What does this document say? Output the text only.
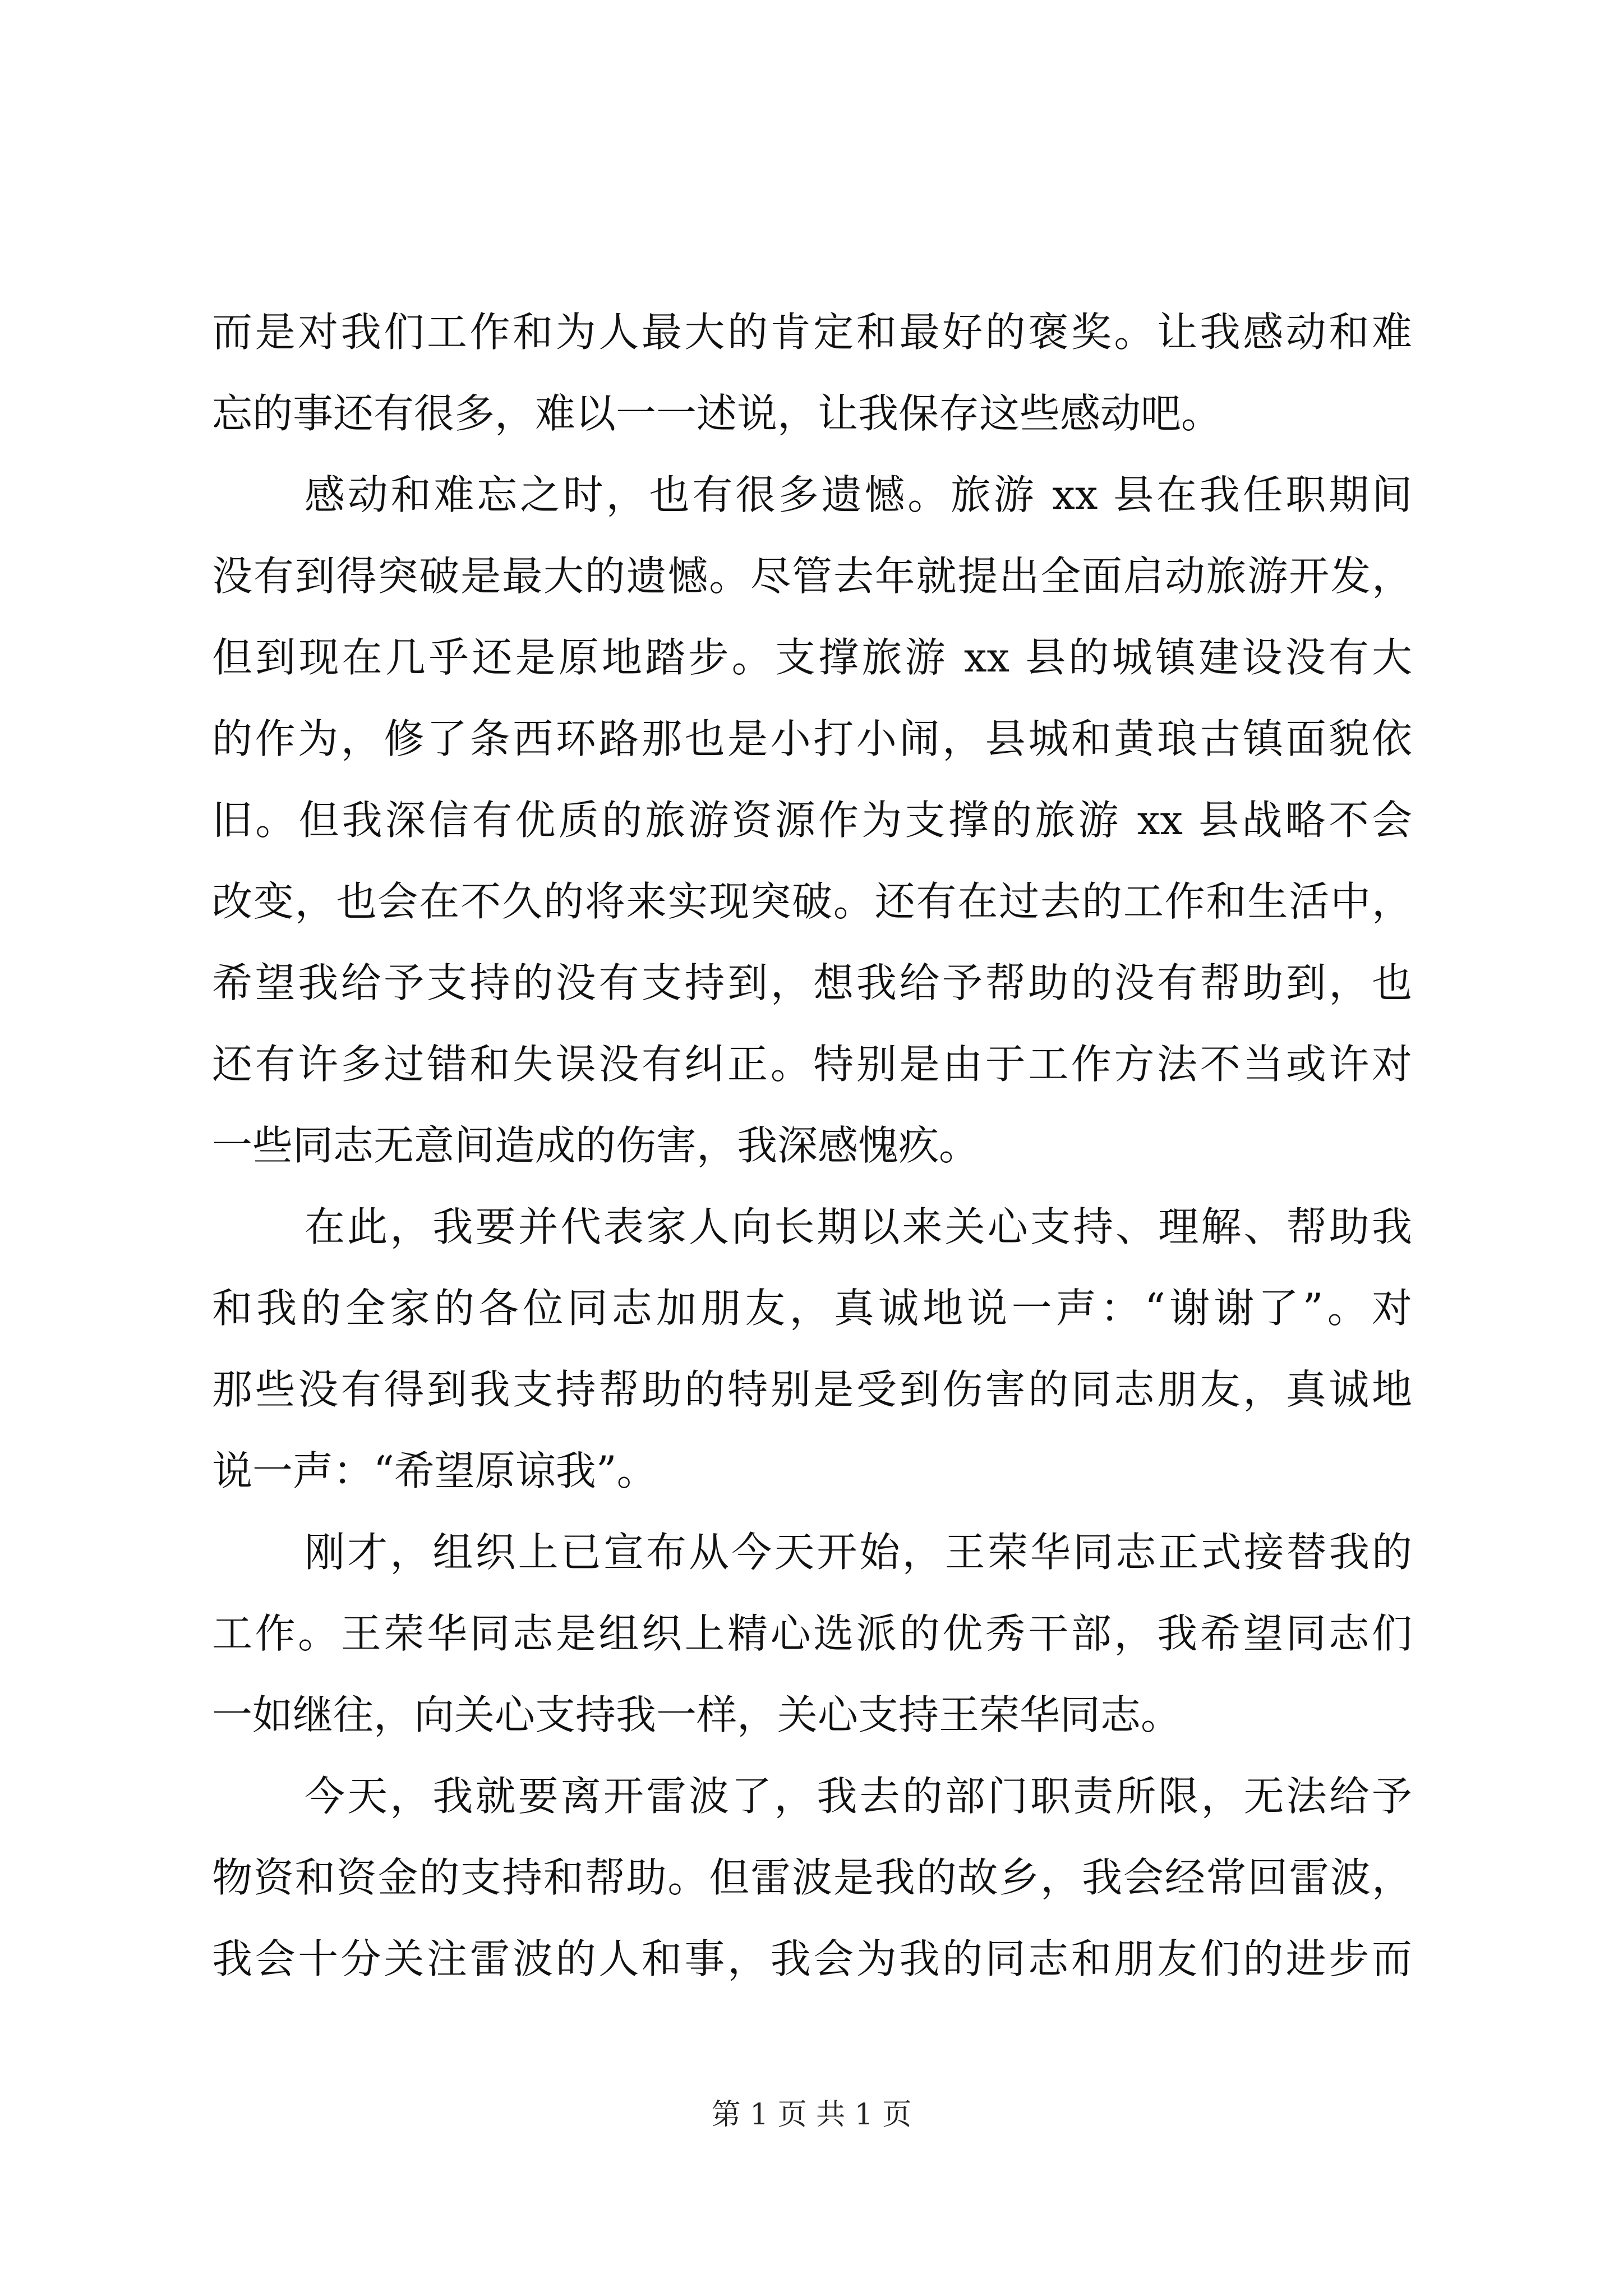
而是对我们工作和为人最大的肯定和最好的褒奖。让我感动和难
忘的事还有很多，难以一一述说，让我保存这些感动吧。
感动和难忘之时，也有很多遗憾。旅游 xx 县在我任职期间
没有到得突破是最大的遗憾。尽管去年就提出全面启动旅游开发，
但到现在几乎还是原地踏步。支撑旅游 xx 县的城镇建设没有大
的作为，修了条西环路那也是小打小闹，县城和黄琅古镇面貌依
旧。但我深信有优质的旅游资源作为支撑的旅游 xx 县战略不会
改变，也会在不久的将来实现突破。还有在过去的工作和生活中，
希望我给予支持的没有支持到，想我给予帮助的没有帮助到，也
还有许多过错和失误没有纠正。特别是由于工作方法不当或许对
一些同志无意间造成的伤害，我深感愧疚。
在此，我要并代表家人向长期以来关心支持、理解、帮助我
和我的全家的各位同志加朋友，真诚地说一声：“谢谢了”。对
那些没有得到我支持帮助的特别是受到伤害的同志朋友，真诚地
说一声：“希望原谅我”。
刚才，组织上已宣布从今天开始，王荣华同志正式接替我的
工作。王荣华同志是组织上精心选派的优秀干部，我希望同志们
一如继往，向关心支持我一样，关心支持王荣华同志。
今天，我就要离开雷波了，我去的部门职责所限，无法给予
物资和资金的支持和帮助。但雷波是我的故乡，我会经常回雷波，
我会十分关注雷波的人和事，我会为我的同志和朋友们的进步而
第 1 页 共 1 页
